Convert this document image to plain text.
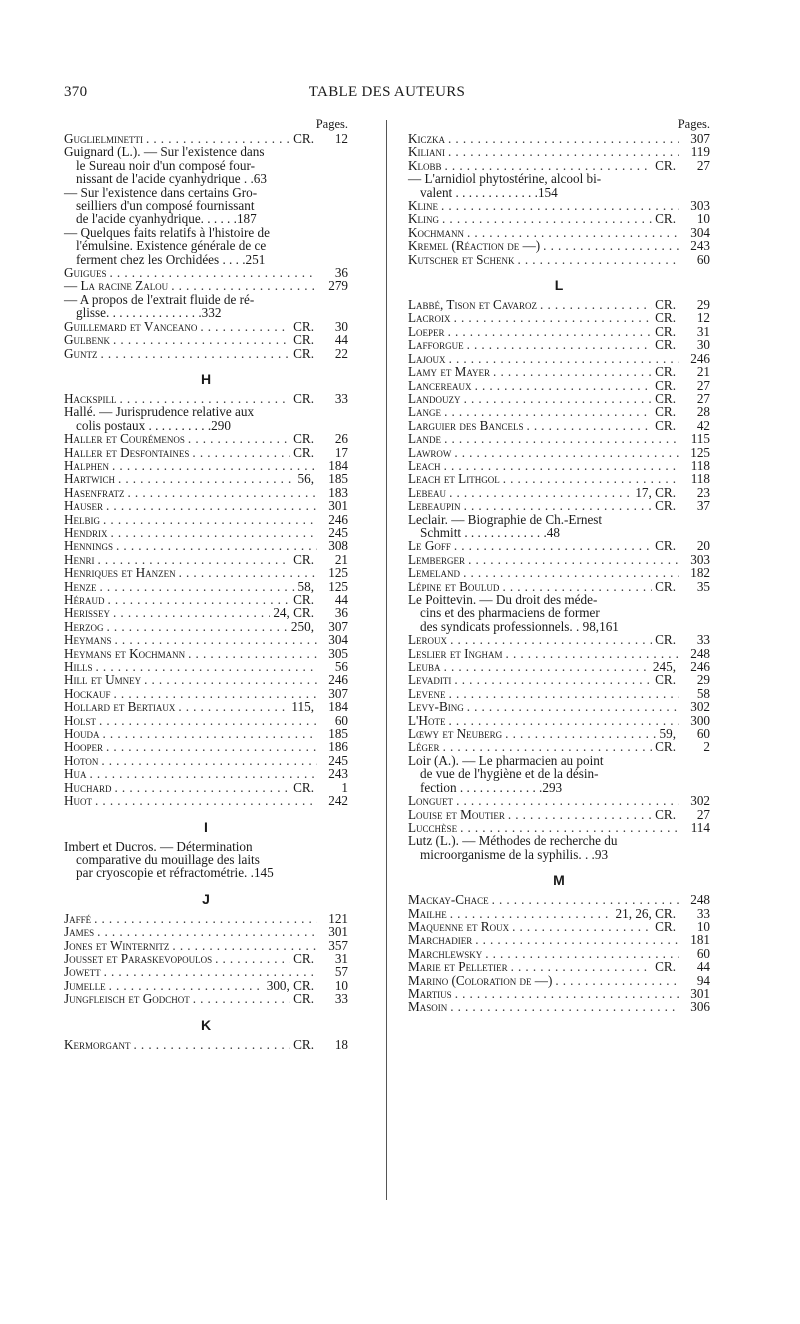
370	TABLE DES AUTEURS
Pages.
Guglielminetti . . .	CR.	12
Guignard (L.). — Sur l'existence dans
le Sureau noir d'un composé four-
nissant de l'acide cyanhydrique . . 63
— Sur l'existence dans certains Gro-
seilliers d'un composé fournissant
de l'acide cyanhydrique. . . . . . 187
— Quelques faits relatifs à l'histoire de
l'émulsine. Existence générale de ce
ferment chez les Orchidées . . . . 251
Guigues . . .	36
— La racine Zalou . . .	279
— A propos de l'extrait fluide de ré-
glisse. . . . . . . . . . . . . . . 332
Guillemard et Vanceano . . .	CR.	30
Gulbenk . . .	CR.	44
Guntz . . .	CR.	22
H
Hackspill . . .	CR.	33
Hallé. — Jurisprudence relative aux
colis postaux . . . . . . . . . . 290
Haller et Courémenos . . .	CR.	26
Haller et Desfontaines . . .	CR.	17
Halphen . . .	184
Hartwich . . .	56,	185
Hasenfratz . . .	183
Hauser . . .	301
Helbig . . .	246
Hendrix . . .	245
Hennings . . .	308
Henri . . .	CR.	21
Henriques et Hanzen . . .	125
Henze . . .	58,	125
Héraud . . .	CR.	44
Herissey . . .	24, CR.	36
Herzog . . .	250,	307
Heymans . . .	304
Heymans et Kochmann . . .	305
Hills . . .	56
Hill et Umney . . .	246
Hockauf . . .	307
Hollard et Bertiaux . . .	115,	184
Holst . . .	60
Houda . . .	185
Hooper . . .	186
Hoton . . .	245
Hua . . .	243
Huchard . . .	CR.	1
Huot . . .	242
I
Imbert et Ducros. — Détermination
comparative du mouillage des laits
par cryoscopie et réfractométrie. . 145
J
Jaffé . . .	121
James . . .	301
Jones et Winternitz . . .	357
Jousset et Paraskevopoulos . . .	CR.	31
Jowett . . .	57
Jumelle . . .	300, CR.	10
Jungfleisch et Godchot . . .	CR.	33
K
Kermorgant . . .	CR.	18
Pages.
Kiczka . . .	307
Kiliani . . .	119
Klobb . . .	CR.	27
— L'arnidiol phytostérine, alcool bi-
valent . . . . . . . . . . . . . 154
Kline . . .	303
Kling . . .	CR.	10
Kochmann . . .	304
Kremel (Réaction de —) . . .	243
Kutscher et Schenk . . .	60
L
Labbé, Tison et Cavaroz . . .	CR.	29
Lacroix . . .	CR.	12
Loeper . . .	CR.	31
Lafforgue . . .	CR.	30
Lajoux . . .	246
Lamy et Mayer . . .	CR.	21
Lancereaux . . .	CR.	27
Landouzy . . .	CR.	27
Lange . . .	CR.	28
Larguier des Bancels . . .	CR.	42
Lande . . .	115
Lawrow . . .	125
Leach . . .	118
Leach et Lithgol . . .	118
Lebeau . . .	17, CR.	23
Lebeaupin . . .	CR.	37
Leclair. — Biographie de Ch.-Ernest
Schmitt . . . . . . . . . . . . . 48
Le Goff . . .	CR.	20
Lemberger . . .	303
Lemeland . . .	182
Lépine et Boulud . . .	CR.	35
Le Poittevin. — Du droit des méde-
cins et des pharmaciens de former
des syndicats professionnels. . 98, 161
Leroux . . .	CR.	33
Leslier et Ingham . . .	248
Leuba . . .	245,	246
Levaditi . . .	CR.	29
Levene . . .	58
Levy-Bing . . .	302
L'Hote . . .	300
Lœwy et Neuberg . . .	59,	60
Léger . . .	CR.	2
Loir (A.). — Le pharmacien au point
de vue de l'hygiène et de la désin-
fection . . . . . . . . . . . . . 293
Longuet . . .	302
Louise et Moutier . . .	CR.	27
Lucchèse . . .	114
Lutz (L.). — Méthodes de recherche du
microorganisme de la syphilis. . . 93
M
Mackay-Chace . . .	248
Mailhe . . .	21, 26, CR.	33
Maquenne et Roux . . .	CR.	10
Marchadier . . .	181
Marchlewsky . . .	60
Marie et Pelletier . . .	CR.	44
Marino (Coloration de —) . . .	94
Martius . . .	301
Masoin . . .	306
